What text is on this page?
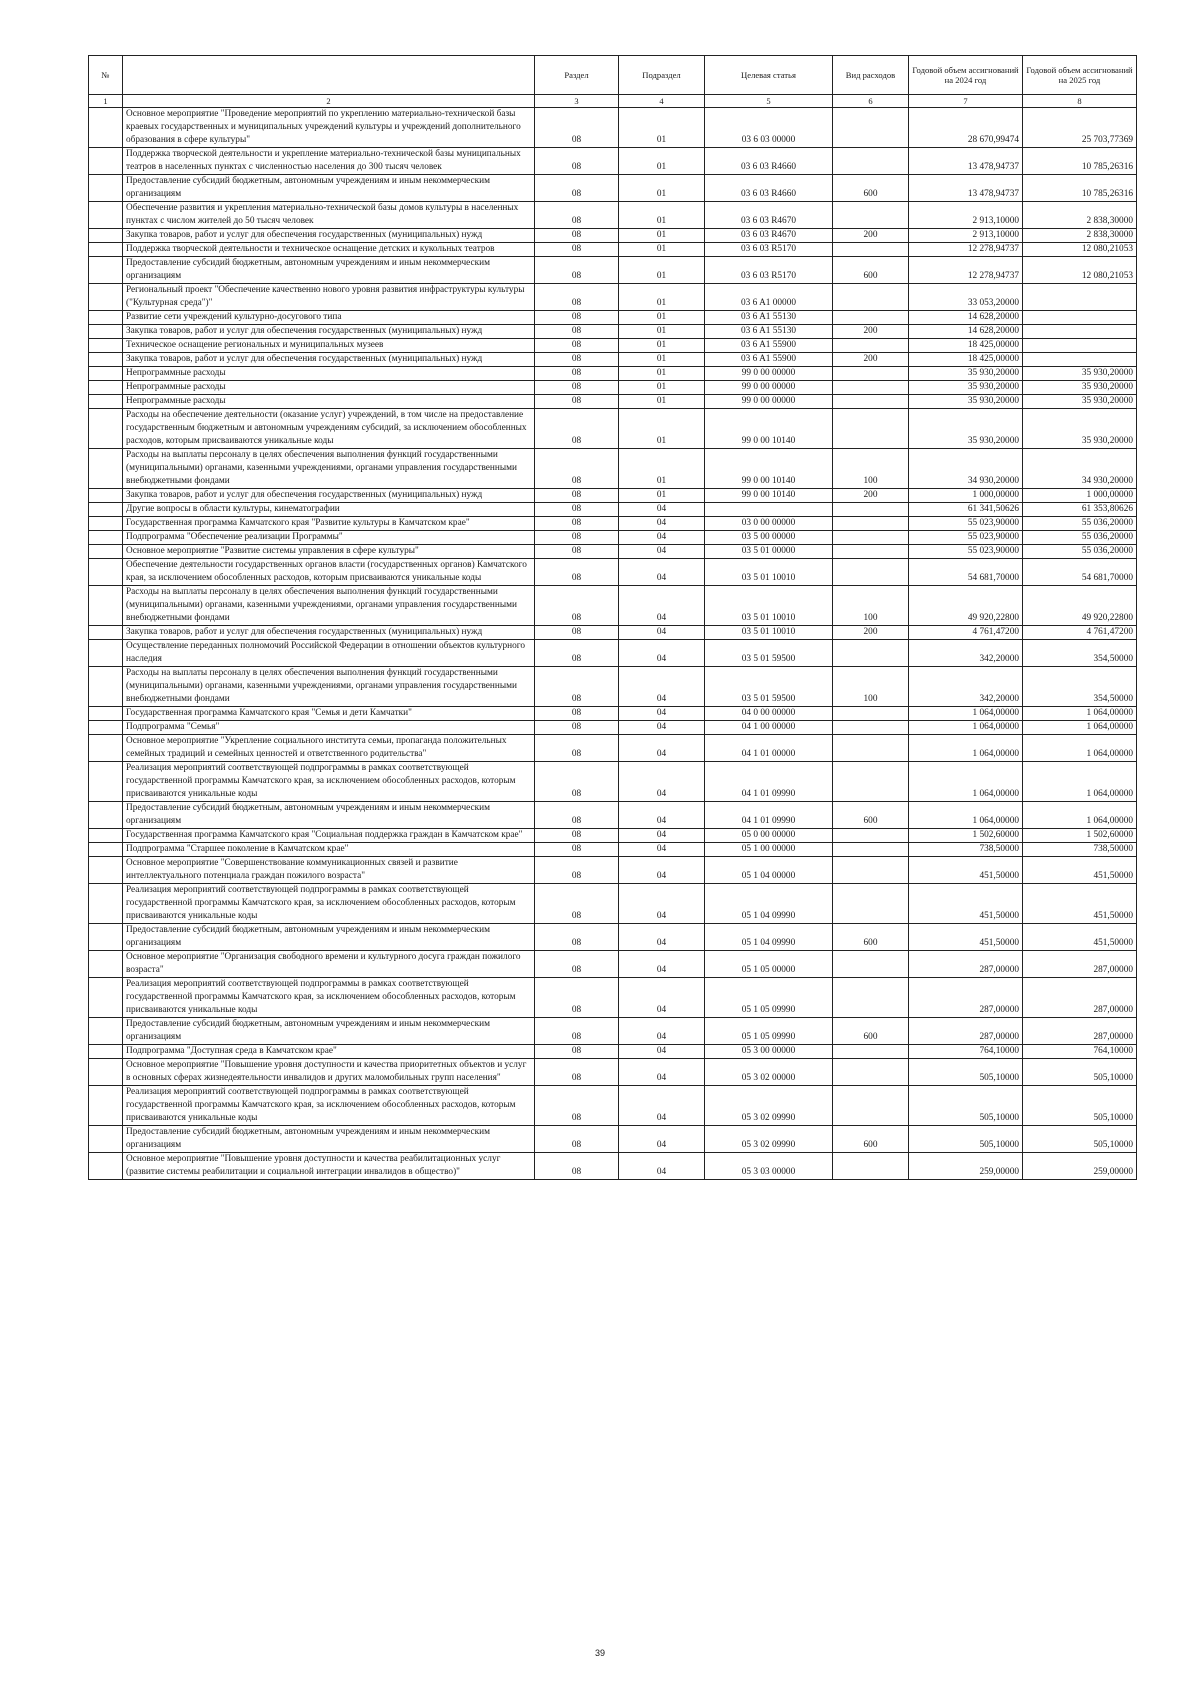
№		Раздел	Подраздел	Целевая статья	Вид расходов	Годовой объем ассигнований на 2024 год	Годовой объем ассигнований на 2025 год
1	2	3	4	5	6	7	8
	Основное мероприятие "Проведение мероприятий по укреплению материально-технической базы краевых государственных и муниципальных учреждений культуры и учреждений дополнительного образования в сфере культуры"	08	01	03 6 03 00000		28 670,99474	25 703,77369
	Поддержка творческой деятельности и укрепление материально-технической базы муниципальных театров в населенных пунктах с численностью населения до 300 тысяч человек	08	01	03 6 03 R4660		13 478,94737	10 785,26316
	Предоставление субсидий бюджетным, автономным учреждениям и иным некоммерческим организациям	08	01	03 6 03 R4660	600	13 478,94737	10 785,26316
	Обеспечение развития и укрепления материально-технической базы домов культуры в населенных пунктах с числом жителей до 50 тысяч человек	08	01	03 6 03 R4670		2 913,10000	2 838,30000
	Закупка товаров, работ и услуг для обеспечения государственных (муниципальных) нужд	08	01	03 6 03 R4670	200	2 913,10000	2 838,30000
	Поддержка творческой деятельности и техническое оснащение детских и кукольных театров	08	01	03 6 03 R5170		12 278,94737	12 080,21053
	Предоставление субсидий бюджетным, автономным учреждениям и иным некоммерческим организациям	08	01	03 6 03 R5170	600	12 278,94737	12 080,21053
	Региональный проект "Обеспечение качественно нового уровня развития инфраструктуры культуры ("Культурная среда")"	08	01	03 6 A1 00000		33 053,20000	
	Развитие сети учреждений культурно-досугового типа	08	01	03 6 A1 55130		14 628,20000	
	Закупка товаров, работ и услуг для обеспечения государственных (муниципальных) нужд	08	01	03 6 A1 55130	200	14 628,20000	
	Техническое оснащение региональных и муниципальных музеев	08	01	03 6 A1 55900		18 425,00000	
	Закупка товаров, работ и услуг для обеспечения государственных (муниципальных) нужд	08	01	03 6 A1 55900	200	18 425,00000	
	Непрограммные расходы	08	01	99 0 00 00000		35 930,20000	35 930,20000
	Непрограммные расходы	08	01	99 0 00 00000		35 930,20000	35 930,20000
	Непрограммные расходы	08	01	99 0 00 00000		35 930,20000	35 930,20000
	Расходы на обеспечение деятельности (оказание услуг) учреждений, в том числе на предоставление государственным бюджетным и автономным учреждениям субсидий, за исключением обособленных расходов, которым присваиваются уникальные коды	08	01	99 0 00 10140		35 930,20000	35 930,20000
	Расходы на выплаты персоналу в целях обеспечения выполнения функций государственными (муниципальными) органами, казенными учреждениями, органами управления государственными внебюджетными фондами	08	01	99 0 00 10140	100	34 930,20000	34 930,20000
	Закупка товаров, работ и услуг для обеспечения государственных (муниципальных) нужд	08	01	99 0 00 10140	200	1 000,00000	1 000,00000
	Другие вопросы в области культуры, кинематографии	08	04			61 341,50626	61 353,80626
	Государственная программа Камчатского края "Развитие культуры в Камчатском крае"	08	04	03 0 00 00000		55 023,90000	55 036,20000
	Подпрограмма "Обеспечение реализации Программы"	08	04	03 5 00 00000		55 023,90000	55 036,20000
	Основное мероприятие "Развитие системы управления в сфере культуры"	08	04	03 5 01 00000		55 023,90000	55 036,20000
	Обеспечение деятельности государственных органов власти (государственных органов) Камчатского края, за исключением обособленных расходов, которым присваиваются уникальные коды	08	04	03 5 01 10010		54 681,70000	54 681,70000
	Расходы на выплаты персоналу в целях обеспечения выполнения функций государственными (муниципальными) органами, казенными учреждениями, органами управления государственными внебюджетными фондами	08	04	03 5 01 10010	100	49 920,22800	49 920,22800
	Закупка товаров, работ и услуг для обеспечения государственных (муниципальных) нужд	08	04	03 5 01 10010	200	4 761,47200	4 761,47200
	Осуществление переданных полномочий Российской Федерации в отношении объектов культурного наследия	08	04	03 5 01 59500		342,20000	354,50000
	Расходы на выплаты персоналу в целях обеспечения выполнения функций государственными (муниципальными) органами, казенными учреждениями, органами управления государственными внебюджетными фондами	08	04	03 5 01 59500	100	342,20000	354,50000
	Государственная программа Камчатского края "Семья и дети Камчатки"	08	04	04 0 00 00000		1 064,00000	1 064,00000
	Подпрограмма "Семья"	08	04	04 1 00 00000		1 064,00000	1 064,00000
	Основное мероприятие "Укрепление социального института семьи, пропаганда положительных семейных традиций и семейных ценностей и ответственного родительства"	08	04	04 1 01 00000		1 064,00000	1 064,00000
	Реализация мероприятий соответствующей подпрограммы в рамках соответствующей государственной программы Камчатского края, за исключением обособленных расходов, которым присваиваются уникальные коды	08	04	04 1 01 09990		1 064,00000	1 064,00000
	Предоставление субсидий бюджетным, автономным учреждениям и иным некоммерческим организациям	08	04	04 1 01 09990	600	1 064,00000	1 064,00000
	Государственная программа Камчатского края "Социальная поддержка граждан в Камчатском крае"	08	04	05 0 00 00000		1 502,60000	1 502,60000
	Подпрограмма "Старшее поколение в Камчатском крае"	08	04	05 1 00 00000		738,50000	738,50000
	Основное мероприятие "Совершенствование коммуникационных связей и развитие интеллектуального потенциала граждан пожилого возраста"	08	04	05 1 04 00000		451,50000	451,50000
	Реализация мероприятий соответствующей подпрограммы в рамках соответствующей государственной программы Камчатского края, за исключением обособленных расходов, которым присваиваются уникальные коды	08	04	05 1 04 09990		451,50000	451,50000
	Предоставление субсидий бюджетным, автономным учреждениям и иным некоммерческим организациям	08	04	05 1 04 09990	600	451,50000	451,50000
	Основное мероприятие "Организация свободного времени и культурного досуга граждан пожилого возраста"	08	04	05 1 05 00000		287,00000	287,00000
	Реализация мероприятий соответствующей подпрограммы в рамках соответствующей государственной программы Камчатского края, за исключением обособленных расходов, которым присваиваются уникальные коды	08	04	05 1 05 09990		287,00000	287,00000
	Предоставление субсидий бюджетным, автономным учреждениям и иным некоммерческим организациям	08	04	05 1 05 09990	600	287,00000	287,00000
	Подпрограмма "Доступная среда в Камчатском крае"	08	04	05 3 00 00000		764,10000	764,10000
	Основное мероприятие "Повышение уровня доступности и качества приоритетных объектов и услуг в основных сферах жизнедеятельности инвалидов и других маломобильных групп населения"	08	04	05 3 02 00000		505,10000	505,10000
	Реализация мероприятий соответствующей подпрограммы в рамках соответствующей государственной программы Камчатского края, за исключением обособленных расходов, которым присваиваются уникальные коды	08	04	05 3 02 09990		505,10000	505,10000
	Предоставление субсидий бюджетным, автономным учреждениям и иным некоммерческим организациям	08	04	05 3 02 09990	600	505,10000	505,10000
	Основное мероприятие "Повышение уровня доступности и качества реабилитационных услуг (развитие системы реабилитации и социальной интеграции инвалидов в общество)"	08	04	05 3 03 00000		259,00000	259,00000
39
